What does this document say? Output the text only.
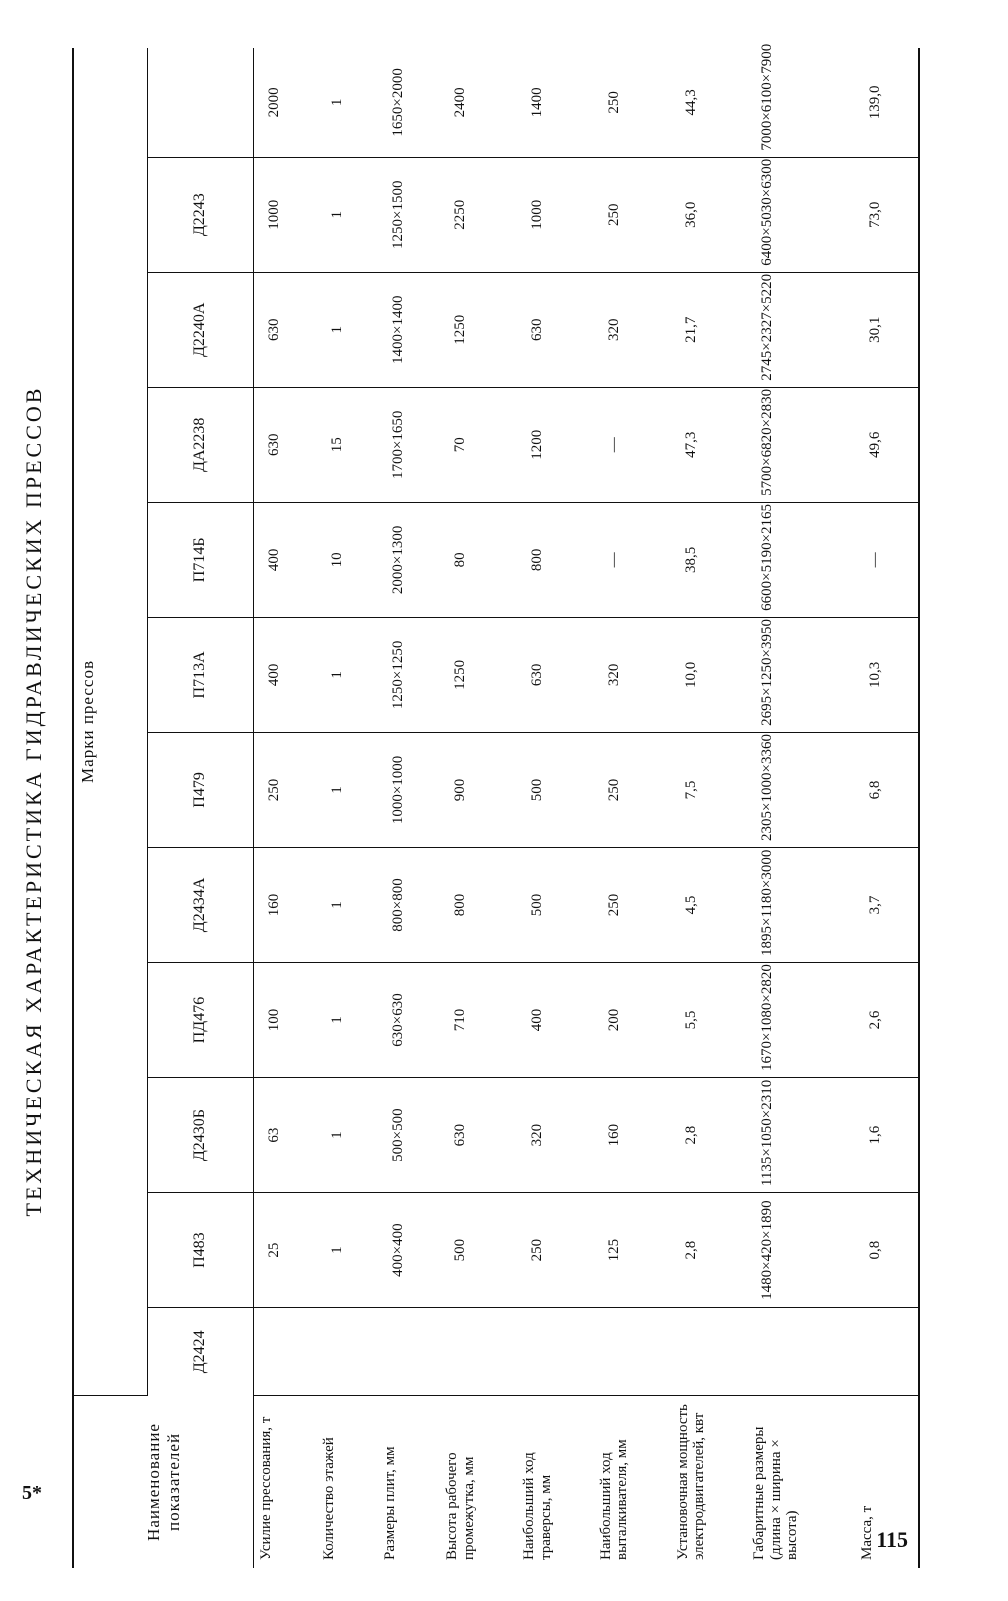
ТЕХНИЧЕСКАЯ ХАРАКТЕРИСТИКА ГИДРАВЛИЧЕСКИХ ПРЕССОВ
Наименование показателей	Марки прессов											
	Д2424	П483	Д2430Б	ПД476	Д2434А	П479	П713А	П714Б	ДА2238	Д2240А	Д2243	
Усилие прессования, т		25	63	100	160	250	400	400	630	630	1000	2000
Количество этажей		1	1	1	1	1	1	10	15	1	1	1
Размеры плит, мм		400×400	500×500	630×630	800×800	1000×1000	1250×1250	2000×1300	1700×1650	1400×1400	1250×1500	1650×2000
Высота рабочего промежутка, мм		500	630	710	800	900	1250	80	70	1250	2250	2400
Наибольший ход траверсы, мм		250	320	400	500	500	630	800	1200	630	1000	1400
Наибольший ход выталкивателя, мм		125	160	200	250	250	320	—	—	320	250	250
Установочная мощность электродвигателей, квт		2,8	2,8	5,5	4,5	7,5	10,0	38,5	47,3	21,7	36,0	44,3
Габаритные размеры (длина × ширина × высота)		1480×420×1890	1135×1050×2310	1670×1080×2820	1895×1180×3000	2305×1000×3360	2695×1250×3950	6600×5190×2165	5700×6820×2830	2745×2327×5220	6400×5030×6300	7000×6100×7900
Масса, т		0,8	1,6	2,6	3,7	6,8	10,3	—	49,6	30,1	73,0	139,0
5*
115
